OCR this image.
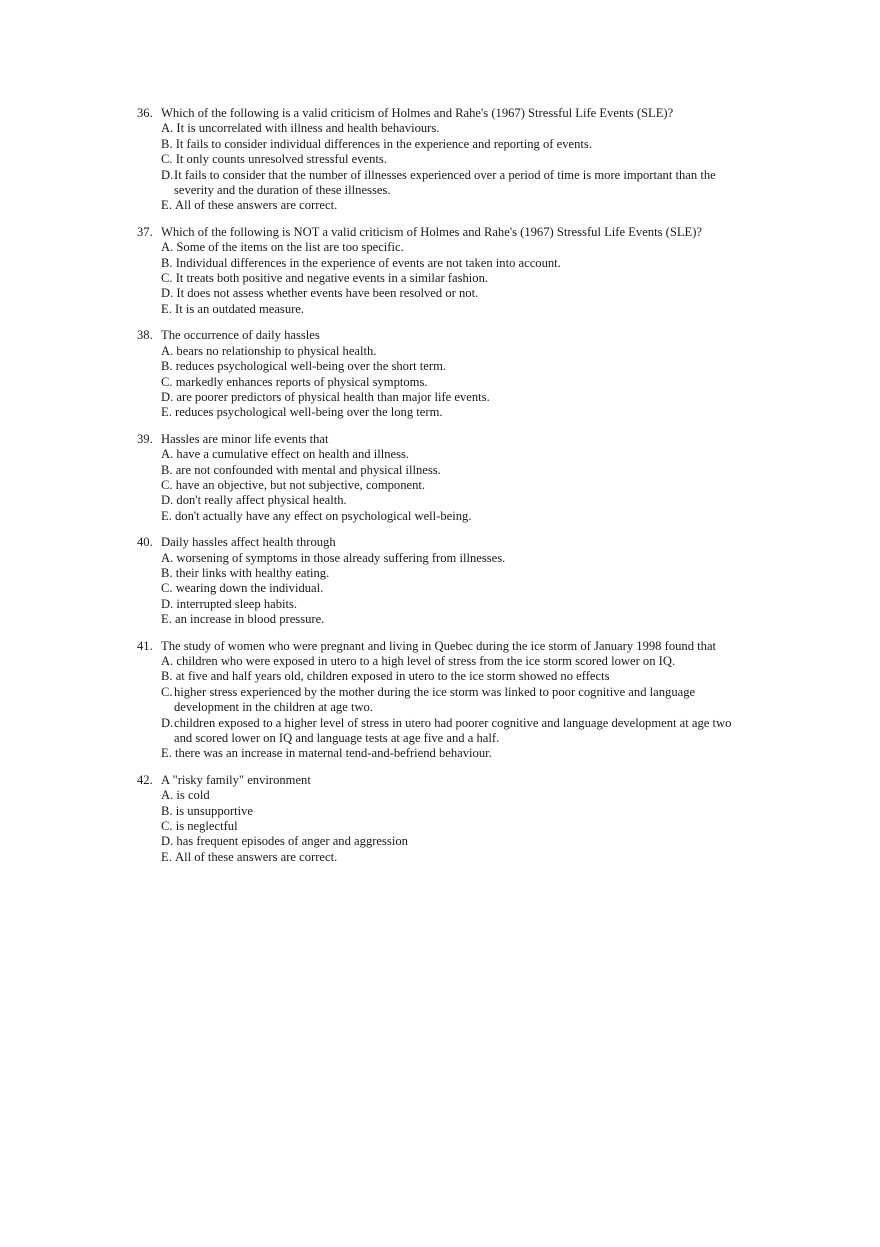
36. Which of the following is a valid criticism of Holmes and Rahe's (1967) Stressful Life Events (SLE)?
A. It is uncorrelated with illness and health behaviours.
B. It fails to consider individual differences in the experience and reporting of events.
C. It only counts unresolved stressful events.
D. It fails to consider that the number of illnesses experienced over a period of time is more important than the severity and the duration of these illnesses.
E. All of these answers are correct.
37. Which of the following is NOT a valid criticism of Holmes and Rahe's (1967) Stressful Life Events (SLE)?
A. Some of the items on the list are too specific.
B. Individual differences in the experience of events are not taken into account.
C. It treats both positive and negative events in a similar fashion.
D. It does not assess whether events have been resolved or not.
E. It is an outdated measure.
38. The occurrence of daily hassles
A. bears no relationship to physical health.
B. reduces psychological well-being over the short term.
C. markedly enhances reports of physical symptoms.
D. are poorer predictors of physical health than major life events.
E. reduces psychological well-being over the long term.
39. Hassles are minor life events that
A. have a cumulative effect on health and illness.
B. are not confounded with mental and physical illness.
C. have an objective, but not subjective, component.
D. don't really affect physical health.
E. don't actually have any effect on psychological well-being.
40. Daily hassles affect health through
A. worsening of symptoms in those already suffering from illnesses.
B. their links with healthy eating.
C. wearing down the individual.
D. interrupted sleep habits.
E. an increase in blood pressure.
41. The study of women who were pregnant and living in Quebec during the ice storm of January 1998 found that
A. children who were exposed in utero to a high level of stress from the ice storm scored lower on IQ.
B. at five and half years old, children exposed in utero to the ice storm showed no effects
C. higher stress experienced by the mother during the ice storm was linked to poor cognitive and language development in the children at age two.
D. children exposed to a higher level of stress in utero had poorer cognitive and language development at age two and scored lower on IQ and language tests at age five and a half.
E. there was an increase in maternal tend-and-befriend behaviour.
42. A "risky family" environment
A. is cold
B. is unsupportive
C. is neglectful
D. has frequent episodes of anger and aggression
E. All of these answers are correct.
